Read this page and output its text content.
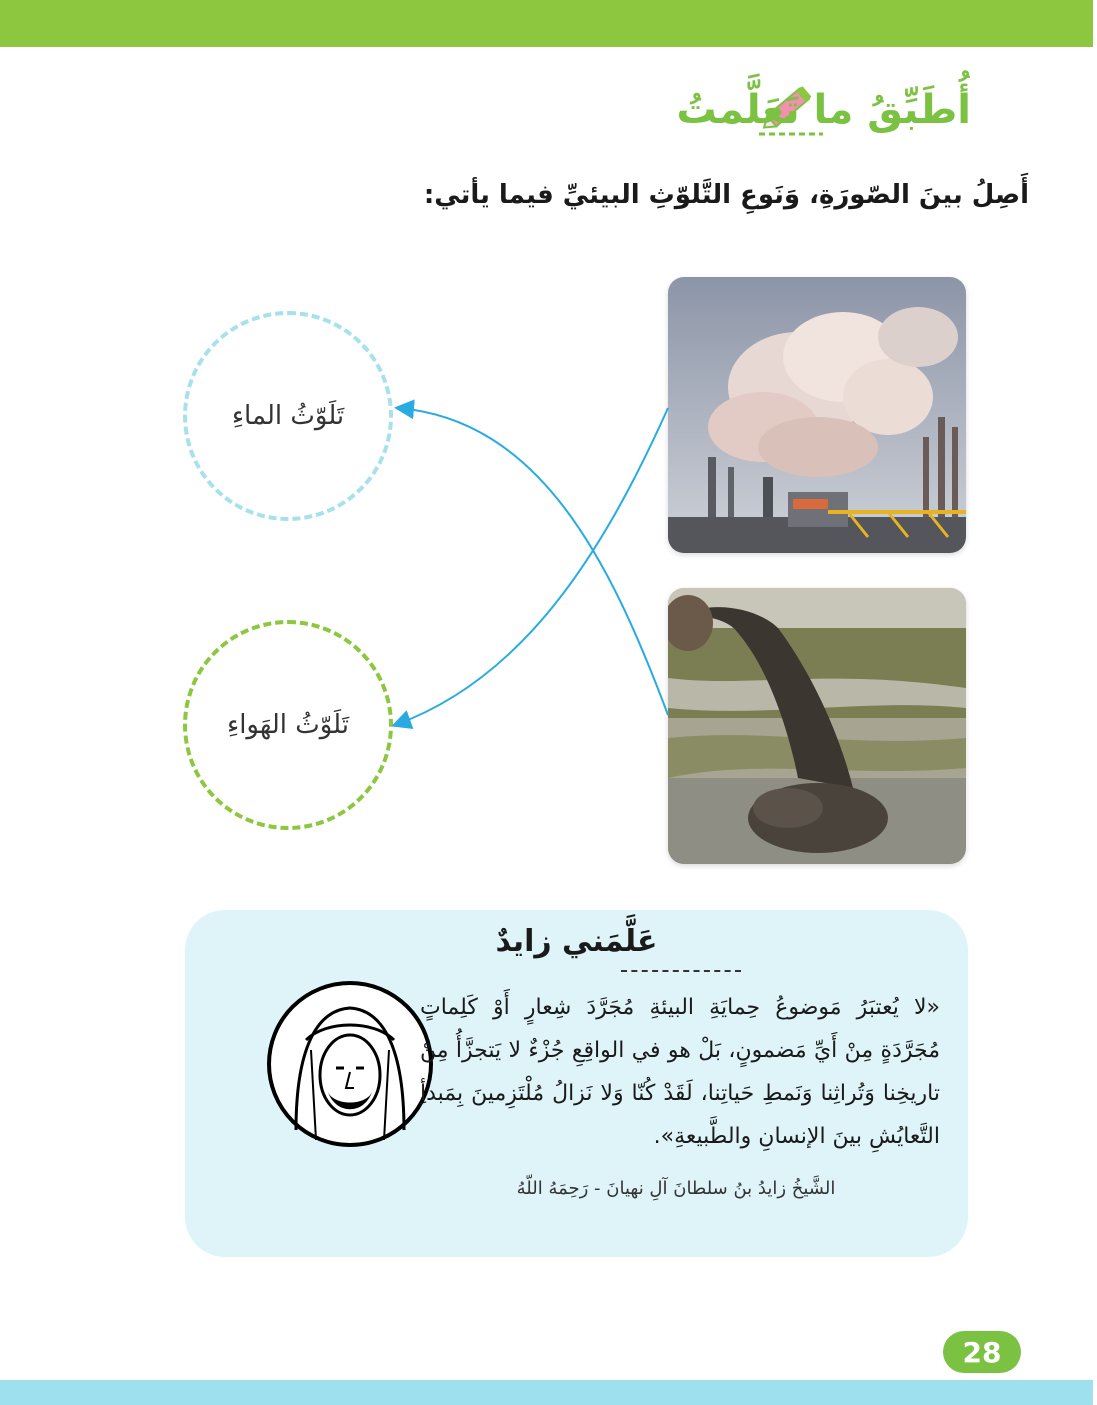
أُطَبِّقُ ما تَعَلَّمتُ
أَصِلُ بينَ الصّورَةِ، وَنَوعِ التَّلوّثِ البيئيِّ فيما يأتي:
تَلَوّثُ الماءِ
تَلَوّثُ الهَواءِ
عَلَّمَني زايدٌ
«لا يُعتبَرُ مَوضوعُ حِمايَةِ البيئةِ مُجَرَّدَ شِعارٍ أَوْ كَلِماتٍ مُجَرَّدَةٍ مِنْ أَيِّ مَضمونٍ، بَلْ هو في الواقِعِ جُزْءٌ لا يَتجزَّأُ مِنْ تاريخِنا وَتُراثِنا وَنَمطِ حَياتِنا، لَقَدْ كُنّا وَلا نَزالُ مُلْتَزِمينَ بِمَبدأِ التَّعايُشِ بينَ الإنسانِ والطَّبيعةِ».
الشَّيخُ زايدُ بنُ سلطانَ آلِ نهيانَ - رَحِمَهُ اللّهُ
28
